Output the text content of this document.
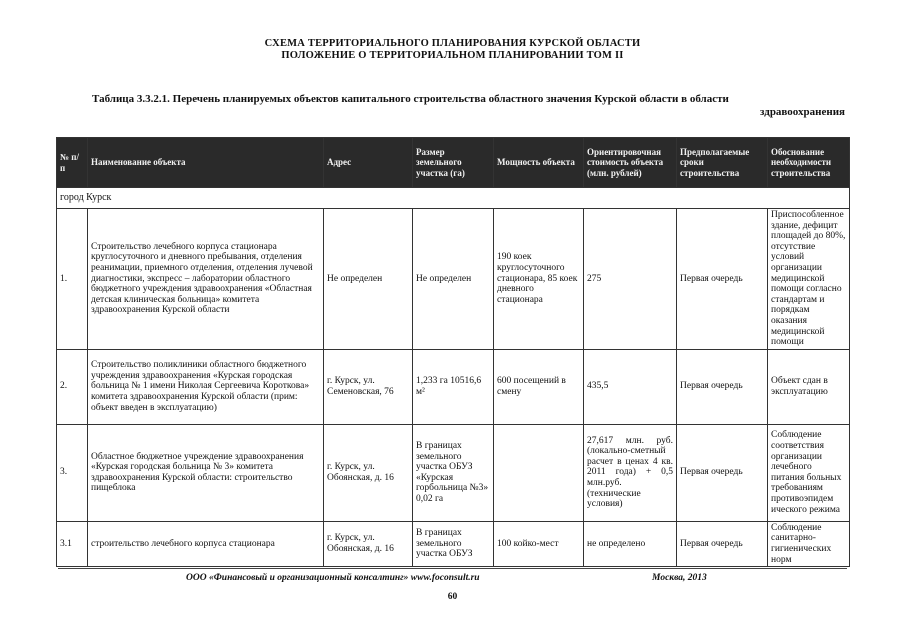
СХЕМА ТЕРРИТОРИАЛЬНОГО ПЛАНИРОВАНИЯ КУРСКОЙ ОБЛАСТИ
ПОЛОЖЕНИЕ О ТЕРРИТОРИАЛЬНОМ ПЛАНИРОВАНИИ ТОМ II
Таблица 3.3.2.1. Перечень планируемых объектов капитального строительства областного значения Курской области в области
здравоохранения
№ п/п	Наименование объекта	Адрес	Размер земельного участка (га)	Мощность объекта	Ориентировочная стоимость объекта (млн. рублей)	Предполагаемые сроки строительства	Обоснование необходимости строительства
город Курск							
1.	Строительство лечебного корпуса стационара круглосуточного и дневного пребывания, отделения реанимации, приемного отделения, отделения лучевой диагностики, экспресс – лаборатории областного бюджетного учреждения здравоохранения «Областная детская клиническая больница» комитета здравоохранения Курской области	Не определен	Не определен	190 коек круглосуточного стационара, 85 коек дневного стационара	275	Первая очередь	Приспособленное здание, дефицит площадей до 80%, отсутствие условий организации медицинской помощи согласно стандартам и порядкам оказания медицинской помощи
2.	Строительство поликлиники областного бюджетного учреждения здравоохранения «Курская городская больница № 1 имени Николая Сергеевича Короткова» комитета здравоохранения Курской области (прим: объект введен в эксплуатацию)	г. Курск, ул. Семеновская, 76	1,233 га 10516,6 м²	600 посещений в смену	435,5	Первая очередь	Объект сдан в эксплуатацию
3.	Областное бюджетное учреждение здравоохранения «Курская городская больница № 3» комитета здравоохранения Курской области: строительство пищеблока	г. Курск, ул. Обоянская, д. 16	В границах земельного участка ОБУЗ «Курская горбольница №3» 0,02 га		27,617 млн. руб. (локально-сметный расчет в ценах 4 кв. 2011 года) + 0,5 млн.руб. (технические условия)	Первая очередь	Соблюдение соответствия организации лечебного питания больных требованиям противоэпидем ического режима
3.1	строительство лечебного корпуса стационара	г. Курск, ул. Обоянская, д. 16	В границах земельного участка ОБУЗ	100 койко-мест	не определено	Первая очередь	Соблюдение санитарно-гигиенических норм
ООО «Финансовый и организационный консалтинг» www.foconsult.ru	Москва, 2013
60
